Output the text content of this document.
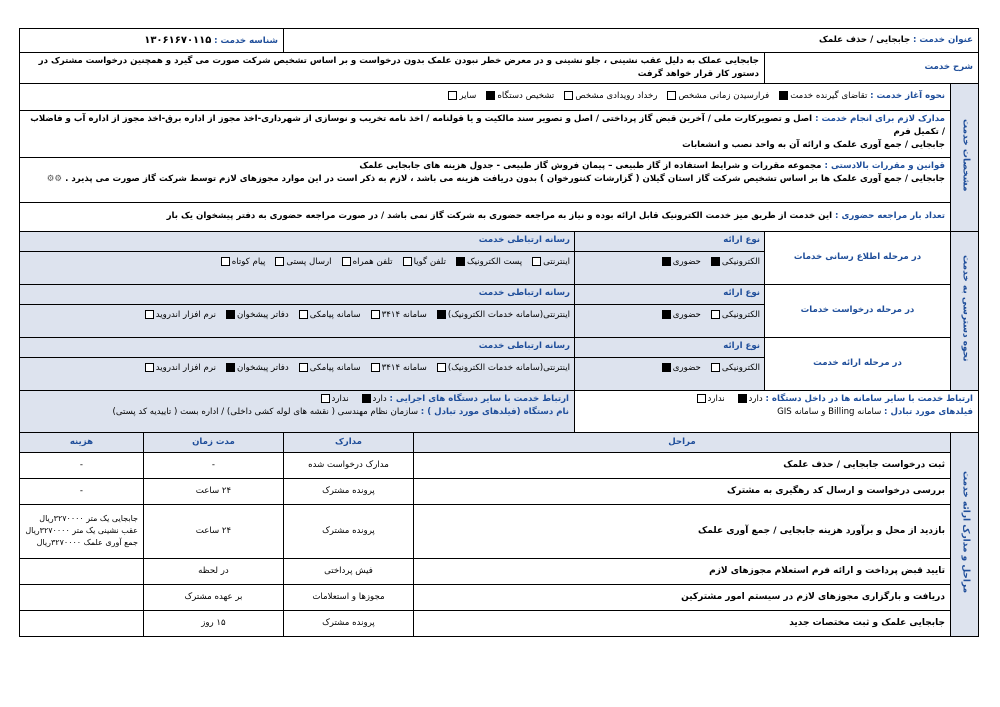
عنوان خدمت : جابجایی / حذف علمک					شناسه خدمت : ۱۳۰۶۱۶۷۰۱۱۵	
شرح خدمت		جابجایی عملک به دلیل عقب نشینی ، جلو نشینی و در معرض خطر نبودن علمک بدون درخواست و بر اساس تشخیص شرکت صورت می گیرد و همچنین درخواست مشترک در دستور کار قرار خواهد گرفت				
مشخصات خدمت	نحوه آغاز خدمت : تقاضای گیرنده خدمتفرارسیدن زمانی مشخصرخداد رویدادی مشخصتشخیص دستگاهسایر					
	مدارک لازم برای انجام خدمت : اصل و تصویرکارت ملی / آخرین قبض گاز پرداختی / اصل و تصویر سند مالکیت و یا قولنامه / اخذ نامه تخریب و نوسازی از شهرداری-اخذ مجوز از اداره برق-اخذ مجوز از اداره آب و فاضلاب / تکمیل فرم
جابجایی / جمع آوری علمک و ارائه آن به واحد نصب و انشعابات					
	قوانین و مقررات بالادستی : مجموعه مقررات و شرایط استفاده از گاز طبیعی – پیمان فروش گاز طبیعی - جدول هزینه های جابجایی علمک
جابجایی / جمع آوری علمک ها بر اساس تشخیص شرکت گاز استان گیلان ( گزارشات کنتورخوان ) بدون دریافت هزینه می باشد ، لازم به ذکر است در این موارد مجوزهای لازم توسط شرکت گاز صورت می پذیرد . ⚙⚙					
	تعداد بار مراجعه حضوری : این خدمت از طریق میز خدمت الکترونیک قابل ارائه بوده و نیاز به مراجعه حضوری به شرکت گاز نمی باشد / در صورت مراجعه حضوری به دفتر پیشخوان یک بار					
نحوه دسترسی به خدمت	در مرحله اطلاع رسانی خدمات	نوع ارائه
الکترونیکیحضوری	رسانه ارتباطی خدمت
اینترنتیپست الکترونیکتلفن گویاتلفن همراهارسال پستیپیام کوتاه			

	در مرحله درخواست خدمات	نوع ارائه
الکترونیکیحضوری	رسانه ارتباطی خدمت
اینترنتی(سامانه خدمات الکترونیک)سامانه ۳۴۱۴سامانه پیامکیدفاتر پیشخواننرم افزار اندروید			

	در مرحله ارائه خدمت	نوع ارائه
الکترونیکیحضوری	رسانه ارتباطی خدمت
اینترنتی(سامانه خدمات الکترونیک)سامانه ۳۴۱۴سامانه پیامکیدفاتر پیشخواننرم افزار اندروید			

ارتباط خدمت با سایر سامانه ها در داخل دستگاه : دارد ندارد
فیلدهای مورد تبادل : سامانه Billing و سامانه GIS			ارتباط خدمت با سایر دستگاه های اجرایی : دارد ندارد
نام دستگاه (فیلدهای مورد تبادل ) : سازمان نظام مهندسی ( نقشه های لوله کشی داخلی) / اداره بست ( تاییدیه کد پستی)			
مراحل و مدارک ارائه خدمت	مراحل			مدارک	مدت زمان	هزینه
	ثبت درخواست جابجایی / حذف علمک			مدارک درخواست شده	-	-
	بررسی درخواست و ارسال کد رهگیری به مشترک			پرونده مشترک	۲۴ ساعت	-
	بازدید از محل و برآورد هزینه جابجایی / جمع آوری علمک			پرونده مشترک	۲۴ ساعت	جابجایی یک متر ۳۲۷۰۰۰۰ریال
عقب نشینی یک متر ۳۲۷۰۰۰۰ریال
جمع آوری علمک ۳۲۷۰۰۰۰ریال
	تایید قبض پرداخت و ارائه فرم استعلام مجوزهای لازم			فیش پرداختی	در لحظه	
	دریافت و بارگزاری مجوزهای لازم در سیستم امور مشترکین			مجوزها و استعلامات	بر عهده مشترک	
	جابجایی علمک و ثبت مختصات جدید			پرونده مشترک	۱۵ روز	
